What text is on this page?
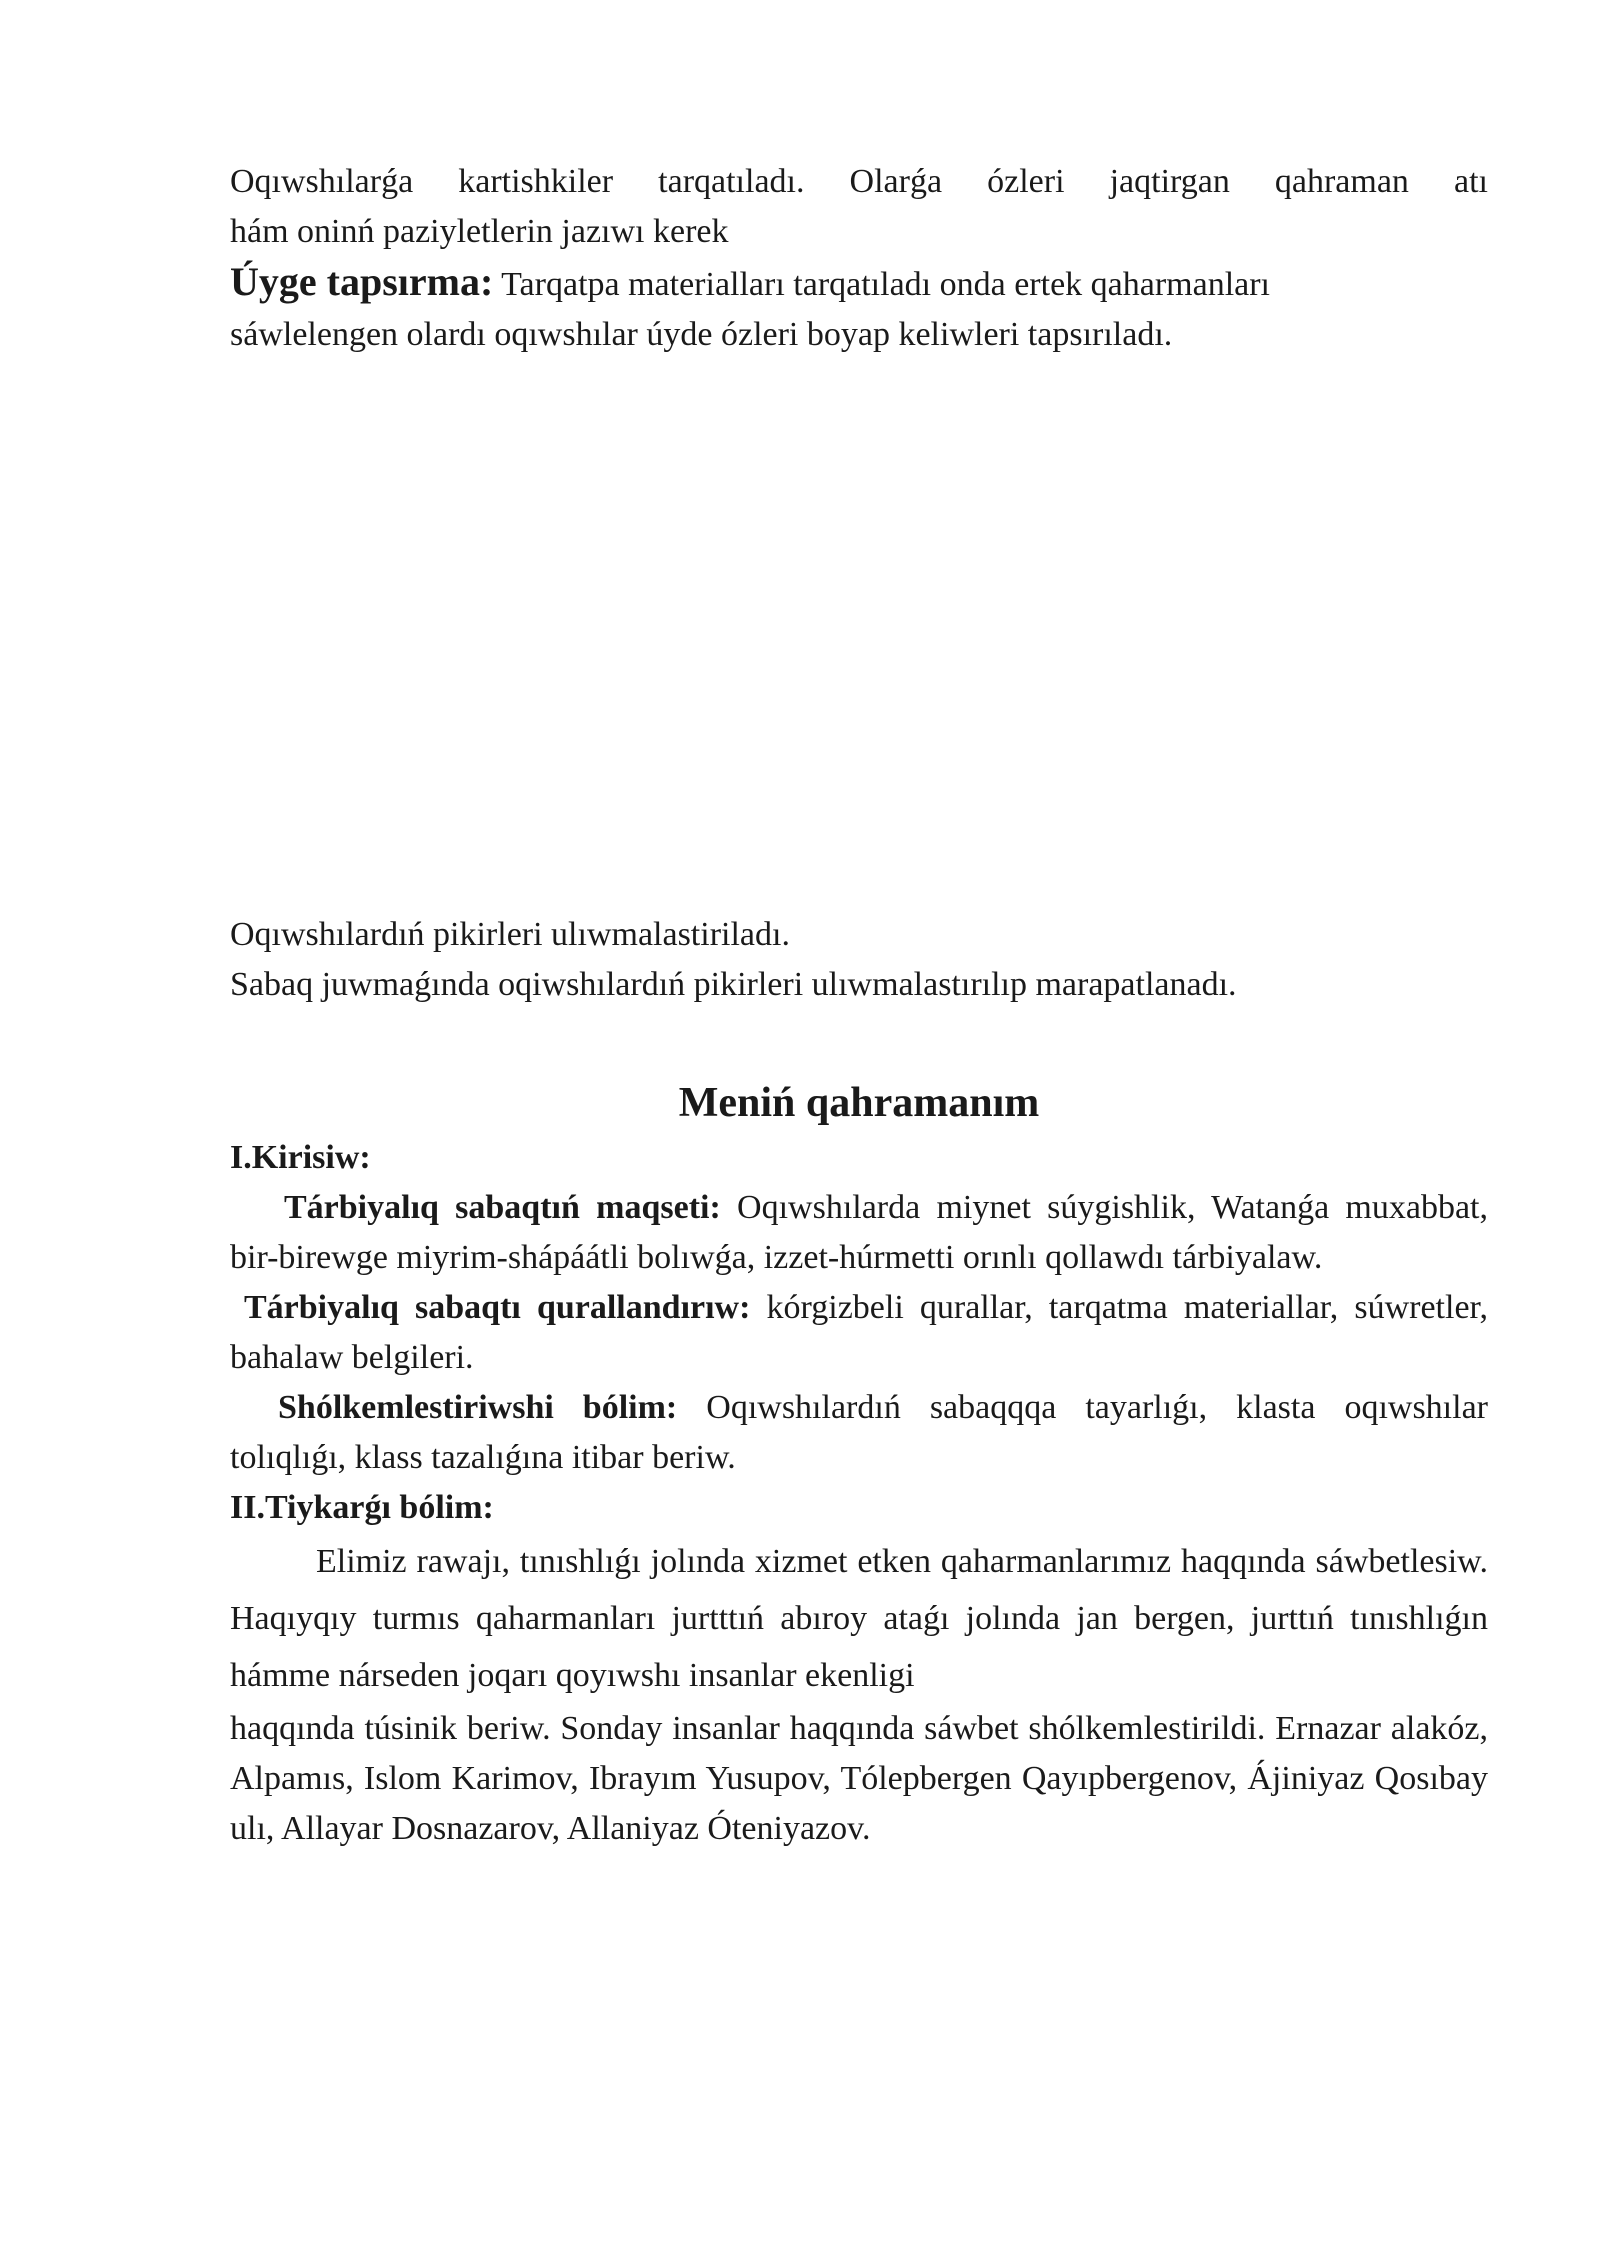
Oqıwshılarǵa kartishkiler tarqatıladı. Olarǵa ózleri jaqtirgan qahraman atı

hám oninń paziyletlerin jazıwı kerek

Úyge tapsırma: Tarqatpa materialları tarqatıladı onda ertek qaharmanları

sáwlelengen olardı oqıwshılar úyde ózleri boyap keliwleri tapsırıladı.

Oqıwshılardıń pikirleri ulıwmalastiriladı.

Sabaq juwmaǵında oqiwshılardıń pikirleri ulıwmalastırılıp marapatlanadı.

Meniń qahramanım

I.Kirisiw:

Tárbiyalıq sabaqtıń maqseti: Oqıwshılarda miynet súygishlik, Watanǵa muxabbat, bir-birewge miyrim-shápáátli bolıwǵa, izzet-húrmetti orınlı qollawdı tárbiyalaw.

Tárbiyalıq sabaqtı qurallandırıw: kórgizbeli qurallar, tarqatma materiallar, súwretler, bahalaw belgileri.

Shólkemlestiriwshi bólim: Oqıwshılardıń sabaqqqa tayarlıǵı, klasta oqıwshılar tolıqlıǵı, klass tazalıǵına itibar beriw.

II.Tiykarǵı bólim:

Elimiz rawajı, tınıshlıǵı jolında xizmet etken qaharmanlarımız haqqında sáwbetlesiw. Haqıyqıy turmıs qaharmanları jurtttıń abıroy ataǵı jolında jan bergen, jurttıń tınıshlıǵın hámme nárseden joqarı qoyıwshı insanlar ekenligi

haqqında túsinik beriw. Sonday insanlar haqqında sáwbet shólkemlestirildi. Ernazar alakóz, Alpamıs, Islom Karimov, Ibrayım Yusupov, Tólepbergen Qayıpbergenov, Ájiniyaz Qosıbay ulı, Allayar Dosnazarov, Allaniyaz Óteniyazov.
